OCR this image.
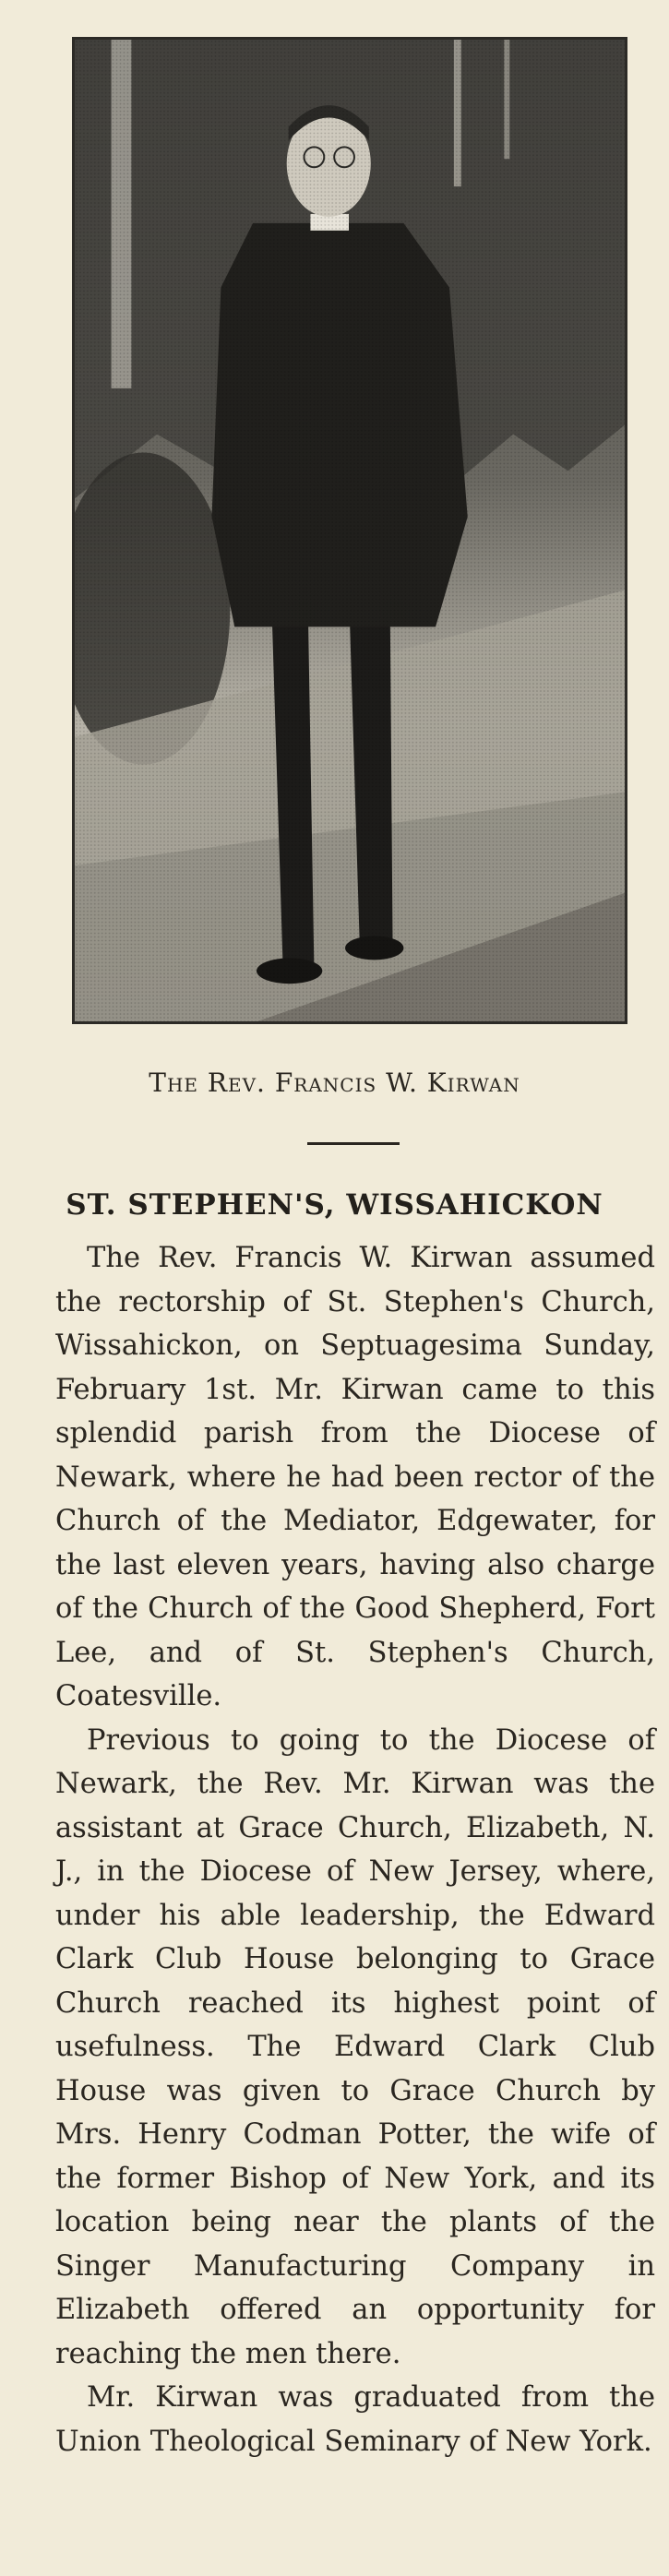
The Rev. Francis W. Kirwan
ST. STEPHEN'S, WISSAHICKON

The Rev. Francis W. Kirwan assumed the rectorship of St. Stephen's Church, Wissahickon, on Septuagesima Sunday, February 1st. Mr. Kirwan came to this splendid parish from the Diocese of Newark, where he had been rector of the Church of the Mediator, Edgewater, for the last eleven years, having also charge of the Church of the Good Shepherd, Fort Lee, and of St. Stephen's Church, Coatesville.

Previous to going to the Diocese of Newark, the Rev. Mr. Kirwan was the assistant at Grace Church, Elizabeth, N. J., in the Diocese of New Jersey, where, under his able leadership, the Edward Clark Club House belonging to Grace Church reached its highest point of usefulness. The Edward Clark Club House was given to Grace Church by Mrs. Henry Codman Potter, the wife of the former Bishop of New York, and its location being near the plants of the Singer Manufacturing Company in Elizabeth offered an opportunity for reaching the men there.

Mr. Kirwan was graduated from the Union Theological Seminary of New York.
